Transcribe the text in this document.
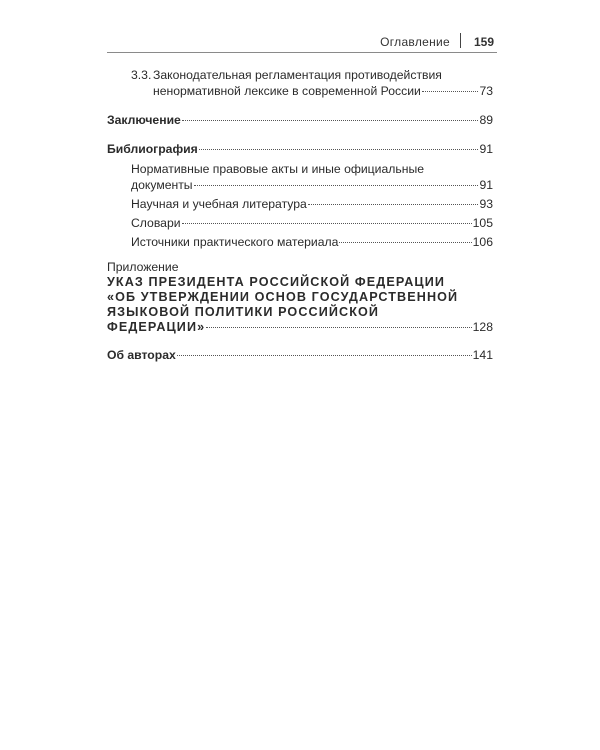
Оглавление 159
3.3. Законодательная регламентация противодействия
ненормативной лексике в современной России	73
Заключение	89
Библиография	91
Нормативные правовые акты и иные официальные
документы	91
Научная и учебная литература	93
Словари	105
Источники практического материала	106
Приложение
УКАЗ ПРЕЗИДЕНТА РОССИЙСКОЙ ФЕДЕРАЦИИ
«ОБ УТВЕРЖДЕНИИ ОСНОВ ГОСУДАРСТВЕННОЙ
ЯЗЫКОВОЙ ПОЛИТИКИ РОССИЙСКОЙ
ФЕДЕРАЦИИ»	128
Об авторах	141
